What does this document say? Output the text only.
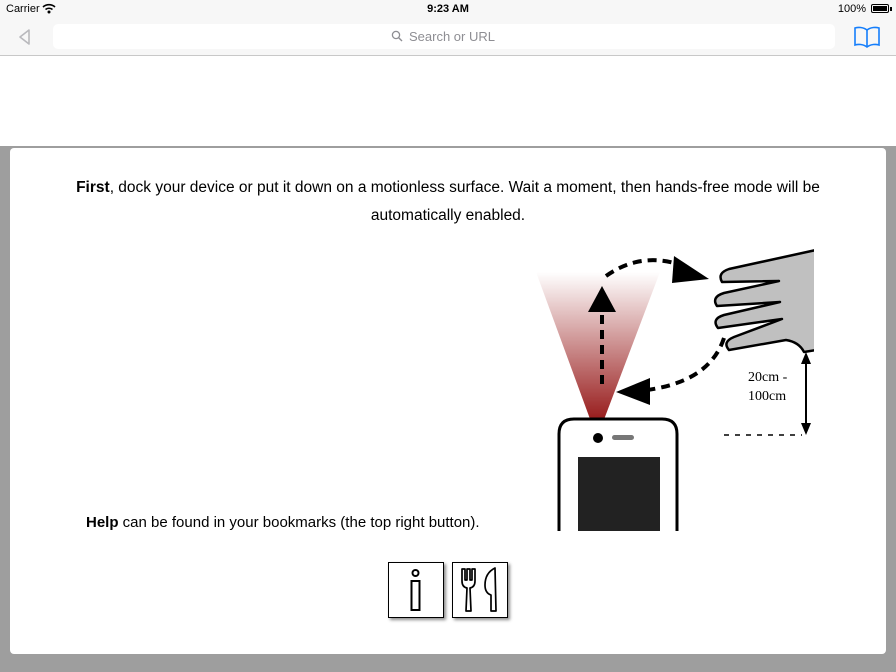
Carrier	9:23 AM	100%
Search or URL

First, dock your device or put it down on a motionless surface. Wait a moment, then hands-free mode will be automatically enabled.

20cm -
100cm
Help can be found in your bookmarks (the top right button).
